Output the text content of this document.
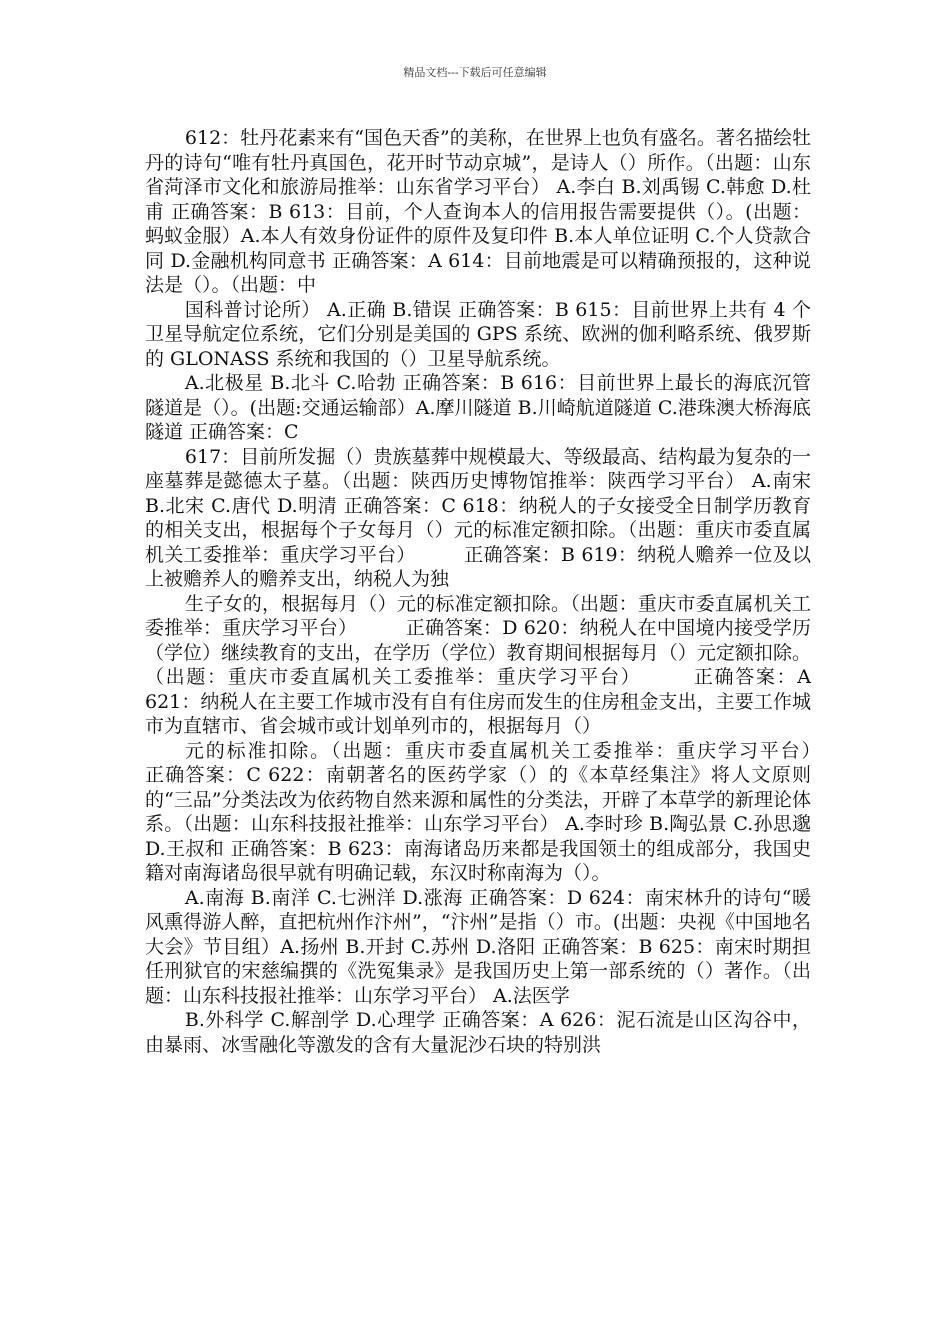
精品文档---下载后可任意编辑

612：牡丹花素来有“国色天香”的美称，在世界上也负有盛名。著名描绘牡丹的诗句“唯有牡丹真国色，花开时节动京城”，是诗人（）所作。（出题：山东省菏泽市文化和旅游局推举：山东省学习平台） A.李白 B.刘禹锡 C.韩愈 D.杜甫 正确答案：B 613：目前，个人查询本人的信用报告需要提供（）。(出题：蚂蚁金服）A.本人有效身份证件的原件及复印件 B.本人单位证明 C.个人贷款合同 D.金融机构同意书 正确答案：A 614：目前地震是可以精确预报的，这种说法是（）。（出题：中

国科普讨论所） A.正确 B.错误 正确答案：B 615：目前世界上共有 4 个卫星导航定位系统，它们分别是美国的 GPS 系统、欧洲的伽利略系统、俄罗斯的 GLONASS 系统和我国的（）卫星导航系统。

A.北极星 B.北斗 C.哈勃 正确答案：B 616：目前世界上最长的海底沉管隧道是（）。(出题:交通运输部）A.摩川隧道 B.川崎航道隧道 C.港珠澳大桥海底隧道 正确答案：C

617：目前所发掘（）贵族墓葬中规模最大、等级最高、结构最为复杂的一座墓葬是懿德太子墓。（出题：陕西历史博物馆推举：陕西学习平台） A.南宋 B.北宋 C.唐代 D.明清 正确答案：C 618：纳税人的子女接受全日制学历教育的相关支出，根据每个子女每月（）元的标准定额扣除。（出题：重庆市委直属机关工委推举：重庆学习平台）　　　正确答案：B 619：纳税人赡养一位及以上被赡养人的赡养支出，纳税人为独

生子女的，根据每月（）元的标准定额扣除。（出题：重庆市委直属机关工委推举：重庆学习平台）　　　正确答案：D 620：纳税人在中国境内接受学历（学位）继续教育的支出，在学历（学位）教育期间根据每月（）元定额扣除。（出题：重庆市委直属机关工委推举：重庆学习平台）　　　正确答案：A 621：纳税人在主要工作城市没有自有住房而发生的住房租金支出，主要工作城市为直辖市、省会城市或计划单列市的，根据每月（）

元的标准扣除。（出题：重庆市委直属机关工委推举：重庆学习平台）　　　正确答案：C 622：南朝著名的医药学家（）的《本草经集注》将人文原则的“三品”分类法改为依药物自然来源和属性的分类法，开辟了本草学的新理论体系。（出题：山东科技报社推举：山东学习平台） A.李时珍 B.陶弘景 C.孙思邈 D.王叔和 正确答案：B 623：南海诸岛历来都是我国领土的组成部分，我国史籍对南海诸岛很早就有明确记载，东汉时称南海为（）。

A.南海 B.南洋 C.七洲洋 D.涨海 正确答案：D 624：南宋林升的诗句“暖风熏得游人醉，直把杭州作汴州”，“汴州”是指（）市。(出题：央视《中国地名大会》节目组）A.扬州 B.开封 C.苏州 D.洛阳 正确答案：B 625：南宋时期担任刑狱官的宋慈编撰的《洗冤集录》是我国历史上第一部系统的（）著作。（出题：山东科技报社推举：山东学习平台） A.法医学

B.外科学 C.解剖学 D.心理学 正确答案：A 626：泥石流是山区沟谷中，由暴雨、冰雪融化等激发的含有大量泥沙石块的特别洪
